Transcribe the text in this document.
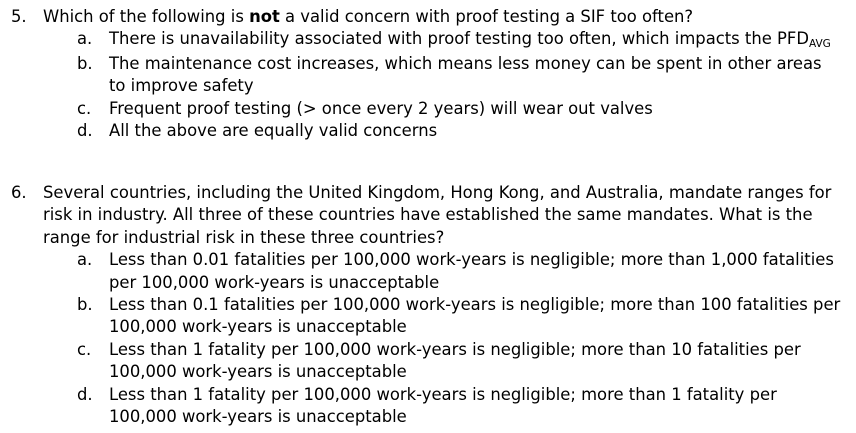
5. Which of the following is not a valid concern with proof testing a SIF too often?
a. There is unavailability associated with proof testing too often, which impacts the $PFD_{AVG}$
b. The maintenance cost increases, which means less money can be spent in other areas to improve safety
c. Frequent proof testing (> once every 2 years) will wear out valves
d. All the above are equally valid concerns
6. Several countries, including the United Kingdom, Hong Kong, and Australia, mandate ranges for risk in industry. All three of these countries have established the same mandates. What is the range for industrial risk in these three countries?
a. Less than 0.01 fatalities per 100,000 work-years is negligible; more than 1,000 fatalities per 100,000 work-years is unacceptable
b. Less than 0.1 fatalities per 100,000 work-years is negligible; more than 100 fatalities per 100,000 work-years is unacceptable
c. Less than 1 fatality per 100,000 work-years is negligible; more than 10 fatalities per 100,000 work-years is unacceptable
d. Less than 1 fatality per 100,000 work-years is negligible; more than 1 fatality per 100,000 work-years is unacceptable
